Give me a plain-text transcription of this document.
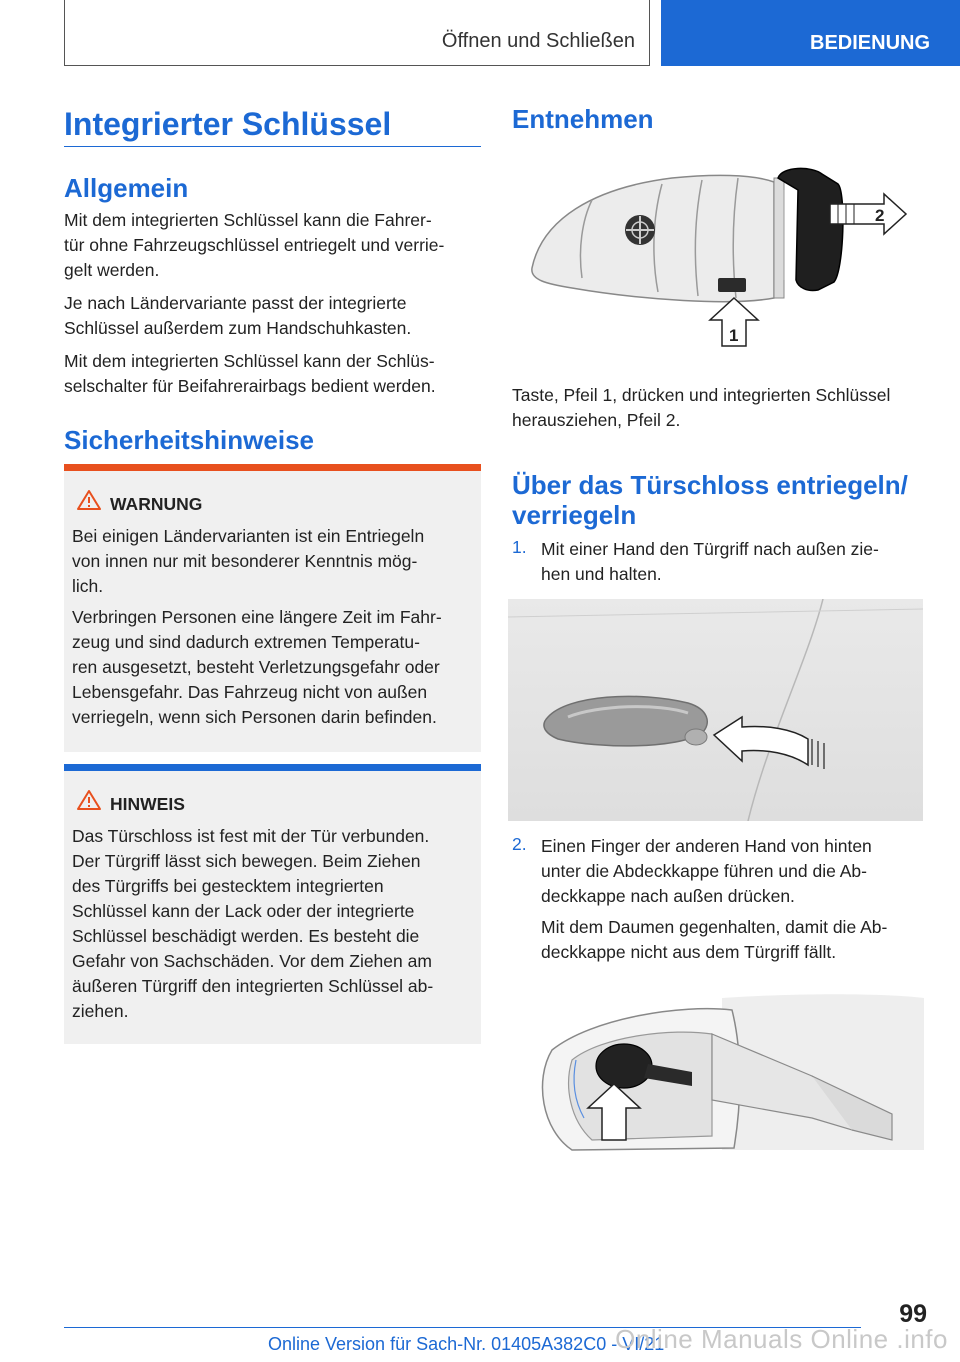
Öffnen und Schließen	BEDIENUNG
Integrierter Schlüssel
Allgemein
Mit dem integrierten Schlüssel kann die Fahrer-
tür ohne Fahrzeugschlüssel entriegelt und verrie-
gelt werden.
Je nach Ländervariante passt der integrierte
Schlüssel außerdem zum Handschuhkasten.
Mit dem integrierten Schlüssel kann der Schlüs-
selschalter für Beifahrerairbags bedient werden.
Sicherheitshinweise
WARNUNG
Bei einigen Ländervarianten ist ein Entriegeln
von innen nur mit besonderer Kenntnis mög-
lich.
Verbringen Personen eine längere Zeit im Fahr-
zeug und sind dadurch extremen Temperatu-
ren ausgesetzt, besteht Verletzungsgefahr oder
Lebensgefahr. Das Fahrzeug nicht von außen
verriegeln, wenn sich Personen darin befinden.
HINWEIS
Das Türschloss ist fest mit der Tür verbunden.
Der Türgriff lässt sich bewegen. Beim Ziehen
des Türgriffs bei gestecktem integrierten
Schlüssel kann der Lack oder der integrierte
Schlüssel beschädigt werden. Es besteht die
Gefahr von Sachschäden. Vor dem Ziehen am
äußeren Türgriff den integrierten Schlüssel ab-
ziehen.
Entnehmen
2
1
Taste, Pfeil 1, drücken und integrierten Schlüssel
herausziehen, Pfeil 2.
Über das Türschloss entriegeln/
verriegeln
1. Mit einer Hand den Türgriff nach außen zie-
hen und halten.
2. Einen Finger der anderen Hand von hinten
unter die Abdeckkappe führen und die Ab-
deckkappe nach außen drücken.
Mit dem Daumen gegenhalten, damit die Ab-
deckkappe nicht aus dem Türgriff fällt.
99
Online Version für Sach-Nr. 01405A382C0 - VI/21
Online Manuals Online .info
